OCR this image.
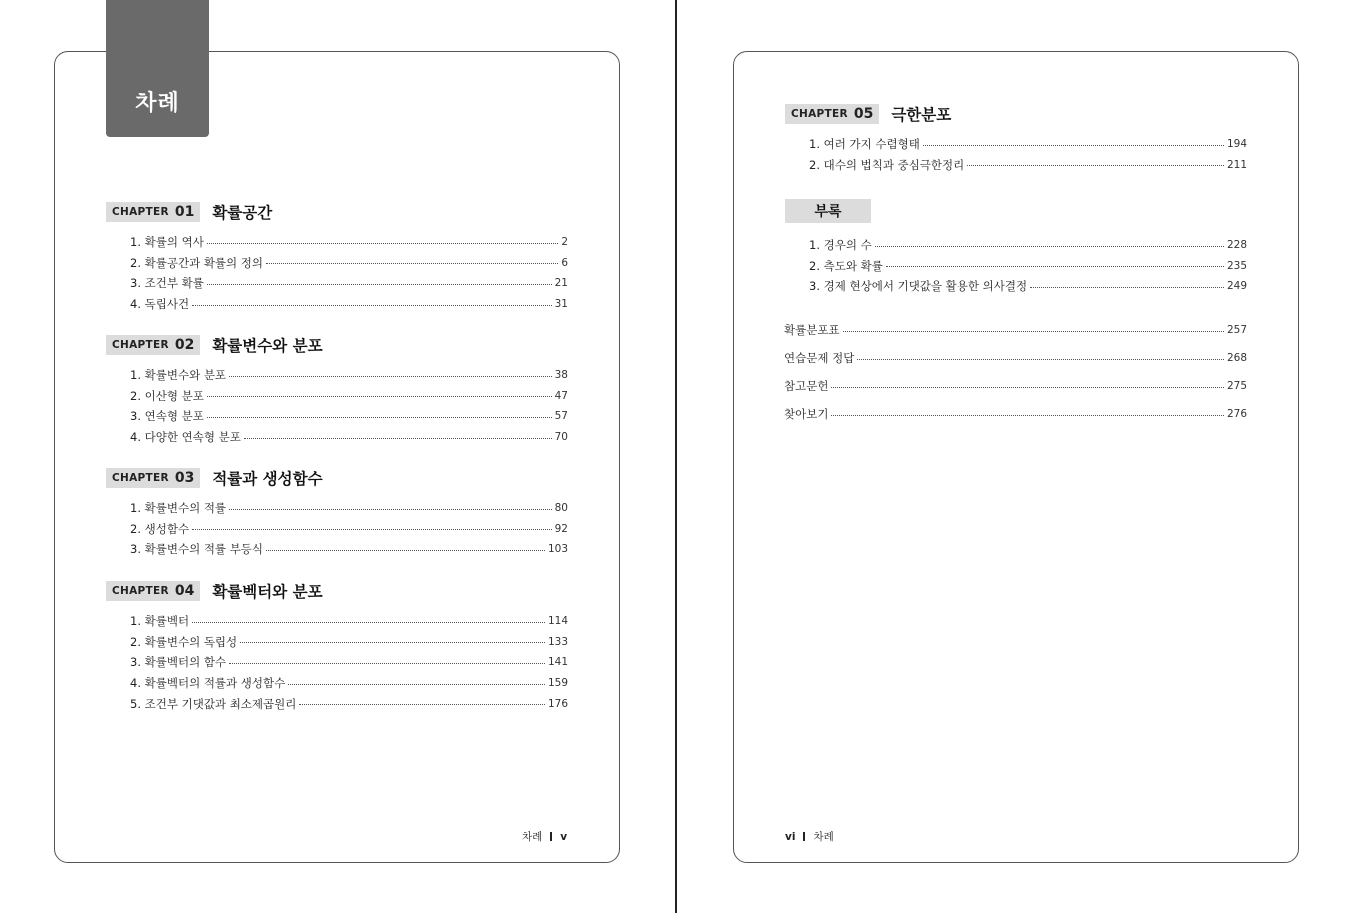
차례
CHAPTER 01 확률공간
1. 확률의 역사	2
2. 확률공간과 확률의 정의	6
3. 조건부 확률	21
4. 독립사건	31
CHAPTER 02 확률변수와 분포
1. 확률변수와 분포	38
2. 이산형 분포	47
3. 연속형 분포	57
4. 다양한 연속형 분포	70
CHAPTER 03 적률과 생성함수
1. 확률변수의 적률	80
2. 생성함수	92
3. 확률변수의 적률 부등식	103
CHAPTER 04 확률벡터와 분포
1. 확률벡터	114
2. 확률변수의 독립성	133
3. 확률벡터의 함수	141
4. 확률벡터의 적률과 생성함수	159
5. 조건부 기댓값과 최소제곱원리	176
차례 v
CHAPTER 05 극한분포
1. 여러 가지 수렴형태	194
2. 대수의 법칙과 중심극한정리	211
부록
1. 경우의 수	228
2. 측도와 확률	235
3. 경제 현상에서 기댓값을 활용한 의사결정	249
확률분포표	257
연습문제 정답	268
참고문헌	275
찾아보기	276
vi 차례
